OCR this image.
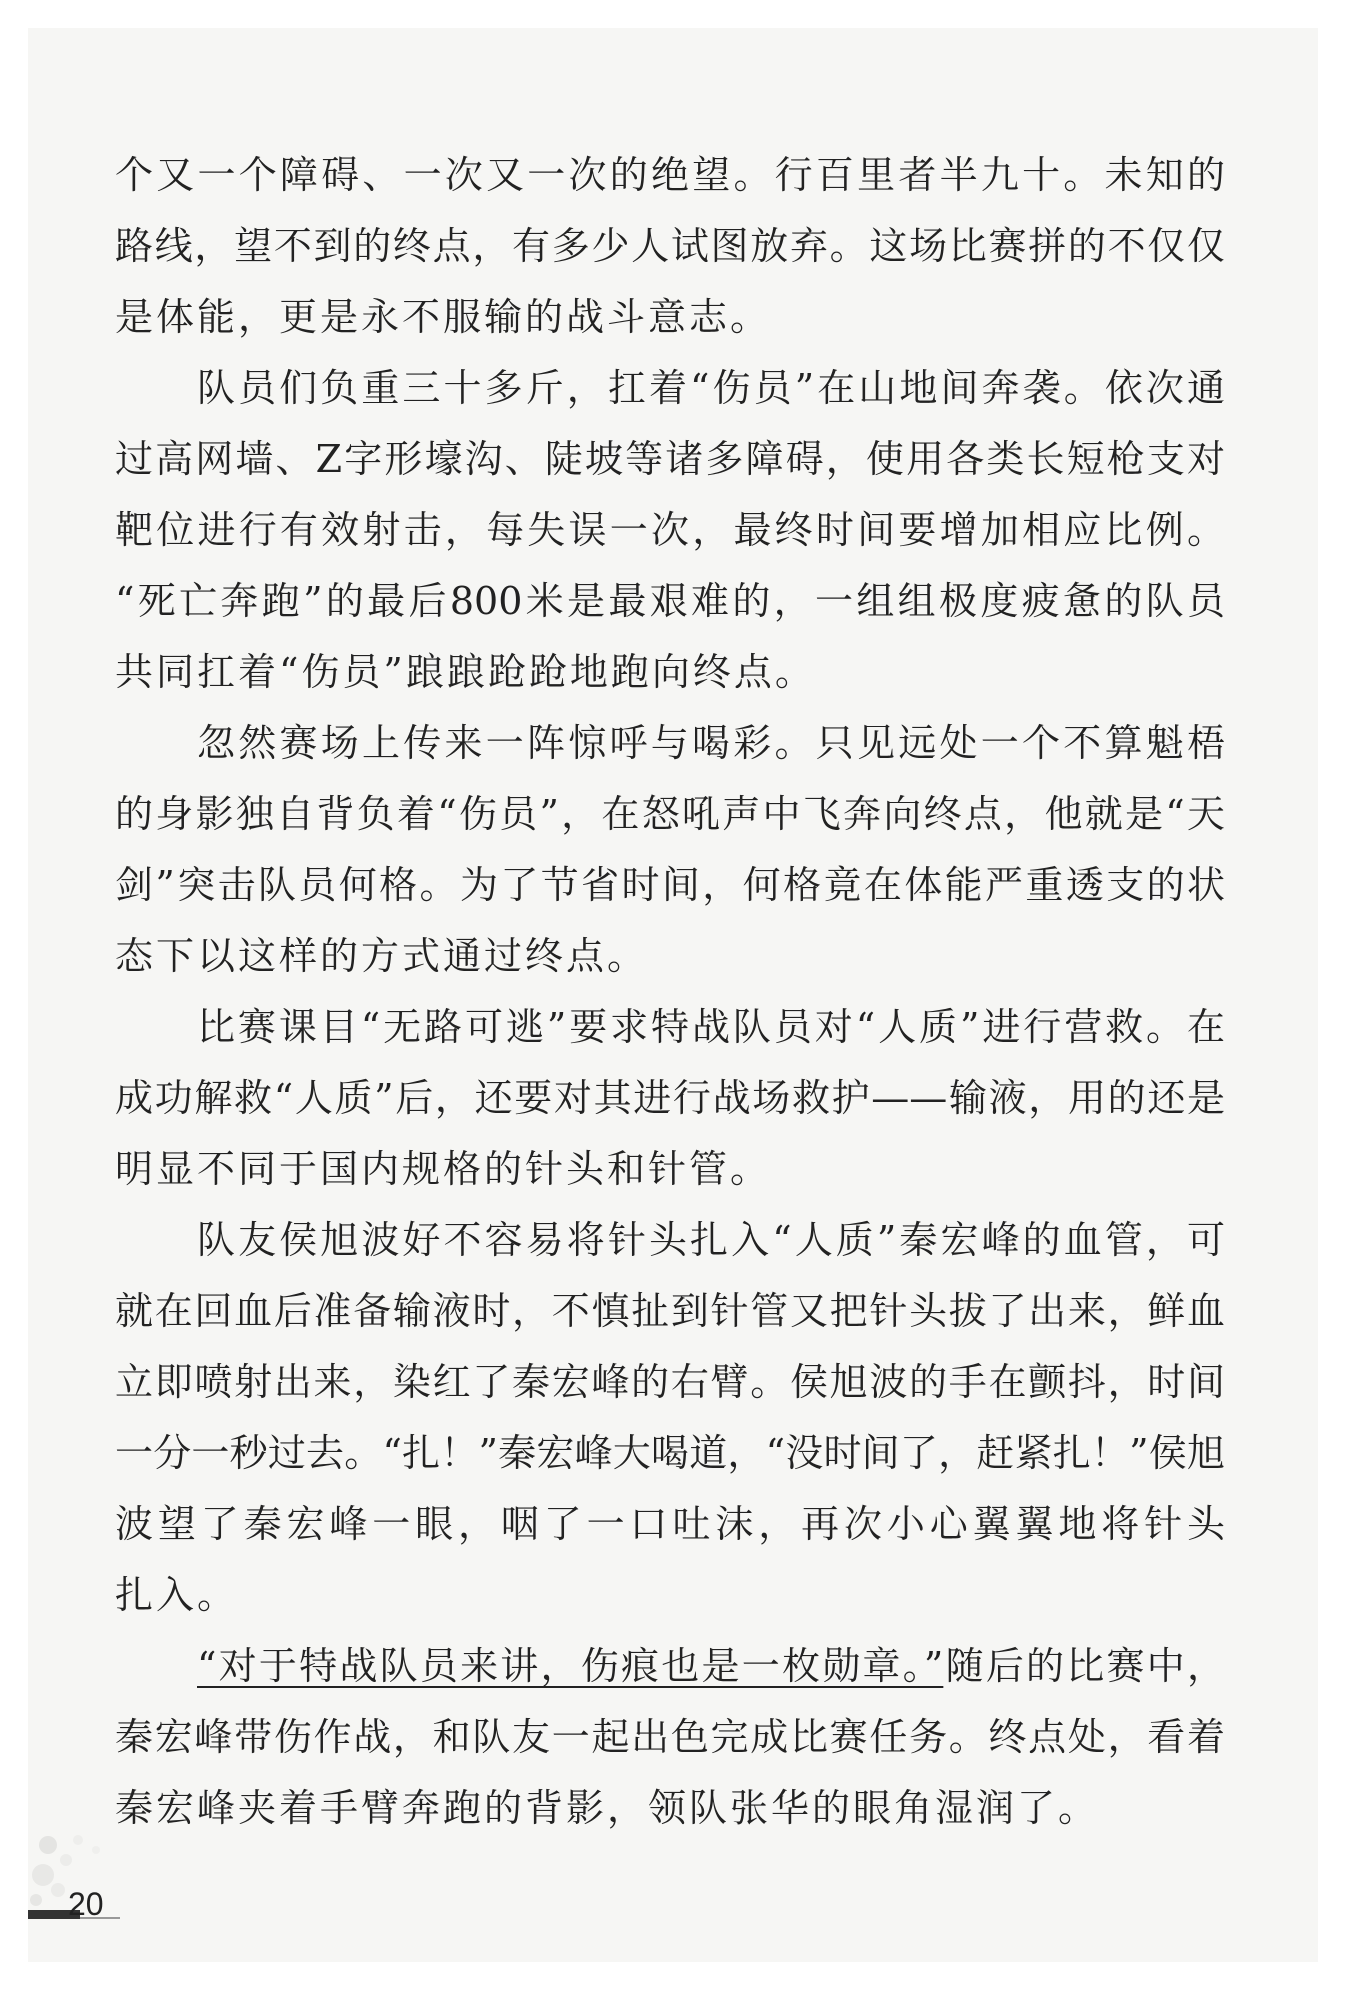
个又一个障碍、一次又一次的绝望。行百里者半九十。未知的
路线，望不到的终点，有多少人试图放弃。这场比赛拼的不仅仅
是体能，更是永不服输的战斗意志。
队员们负重三十多斤，扛着“伤员”在山地间奔袭。依次通
过高网墙、Z字形壕沟、陡坡等诸多障碍，使用各类长短枪支对
靶位进行有效射击，每失误一次，最终时间要增加相应比例。
“死亡奔跑”的最后800米是最艰难的，一组组极度疲惫的队员
共同扛着“伤员”踉踉跄跄地跑向终点。
忽然赛场上传来一阵惊呼与喝彩。只见远处一个不算魁梧
的身影独自背负着“伤员”，在怒吼声中飞奔向终点，他就是“天
剑”突击队员何格。为了节省时间，何格竟在体能严重透支的状
态下以这样的方式通过终点。
比赛课目“无路可逃”要求特战队员对“人质”进行营救。在
成功解救“人质”后，还要对其进行战场救护——输液，用的还是
明显不同于国内规格的针头和针管。
队友侯旭波好不容易将针头扎入“人质”秦宏峰的血管，可
就在回血后准备输液时，不慎扯到针管又把针头拔了出来，鲜血
立即喷射出来，染红了秦宏峰的右臂。侯旭波的手在颤抖，时间
一分一秒过去。“扎！”秦宏峰大喝道，“没时间了，赶紧扎！”侯旭
波望了秦宏峰一眼，咽了一口吐沫，再次小心翼翼地将针头
扎入。
“对于特战队员来讲，伤痕也是一枚勋章。”随后的比赛中，
秦宏峰带伤作战，和队友一起出色完成比赛任务。终点处，看着
秦宏峰夹着手臂奔跑的背影，领队张华的眼角湿润了。
20
